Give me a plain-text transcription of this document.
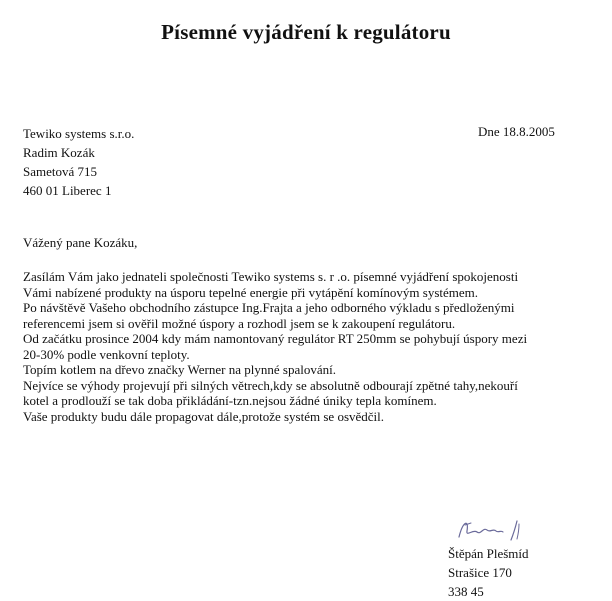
Písemné vyjádření k regulátoru
Tewiko systems s.r.o.
Radim Kozák
Sametová 715
460 01 Liberec 1
Dne 18.8.2005
Vážený pane Kozáku,
Zasílám Vám jako jednateli společnosti Tewiko systems s. r .o. písemné vyjádření spokojenosti
Vámi nabízené produkty na úsporu tepelné energie při vytápění komínovým systémem.
Po návštěvě Vašeho obchodního zástupce Ing.Frajta a jeho odborného výkladu s předloženými
referencemi jsem si ověřil možné úspory a rozhodl jsem se k zakoupení regulátoru.
Od začátku prosince 2004 kdy mám namontovaný regulátor RT 250mm se pohybují úspory mezi
20-30% podle venkovní teploty.
Topím kotlem na dřevo značky Werner na plynné spalování.
Nejvíce se výhody projevují při silných větrech,kdy se absolutně odbourají zpětné tahy,nekouří
kotel a prodlouží se tak doba přikládání-tzn.nejsou žádné úniky tepla komínem.
Vaše produkty budu dále propagovat dále,protože systém se osvědčil.
Štěpán Plešmíd
Strašice 170
338 45
